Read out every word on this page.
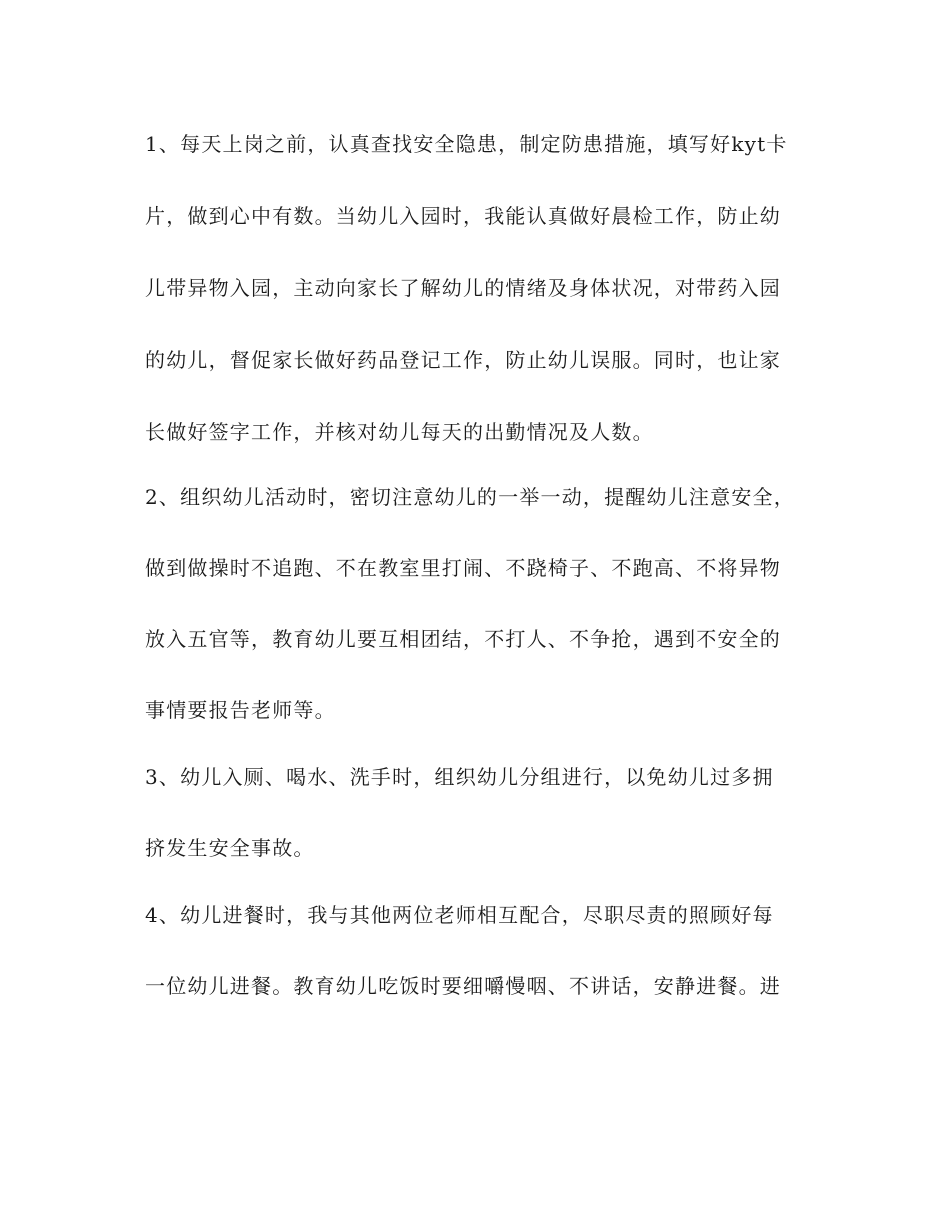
1、每天上岗之前，认真查找安全隐患，制定防患措施，填写好kyt卡
片，做到心中有数。当幼儿入园时，我能认真做好晨检工作，防止幼
儿带异物入园，主动向家长了解幼儿的情绪及身体状况，对带药入园
的幼儿，督促家长做好药品登记工作，防止幼儿误服。同时，也让家
长做好签字工作，并核对幼儿每天的出勤情况及人数。
2、组织幼儿活动时，密切注意幼儿的一举一动，提醒幼儿注意安全，
做到做操时不追跑、不在教室里打闹、不跷椅子、不跑高、不将异物
放入五官等，教育幼儿要互相团结，不打人、不争抢，遇到不安全的
事情要报告老师等。
3、幼儿入厕、喝水、洗手时，组织幼儿分组进行，以免幼儿过多拥
挤发生安全事故。
4、幼儿进餐时，我与其他两位老师相互配合，尽职尽责的照顾好每
一位幼儿进餐。教育幼儿吃饭时要细嚼慢咽、不讲话，安静进餐。进
